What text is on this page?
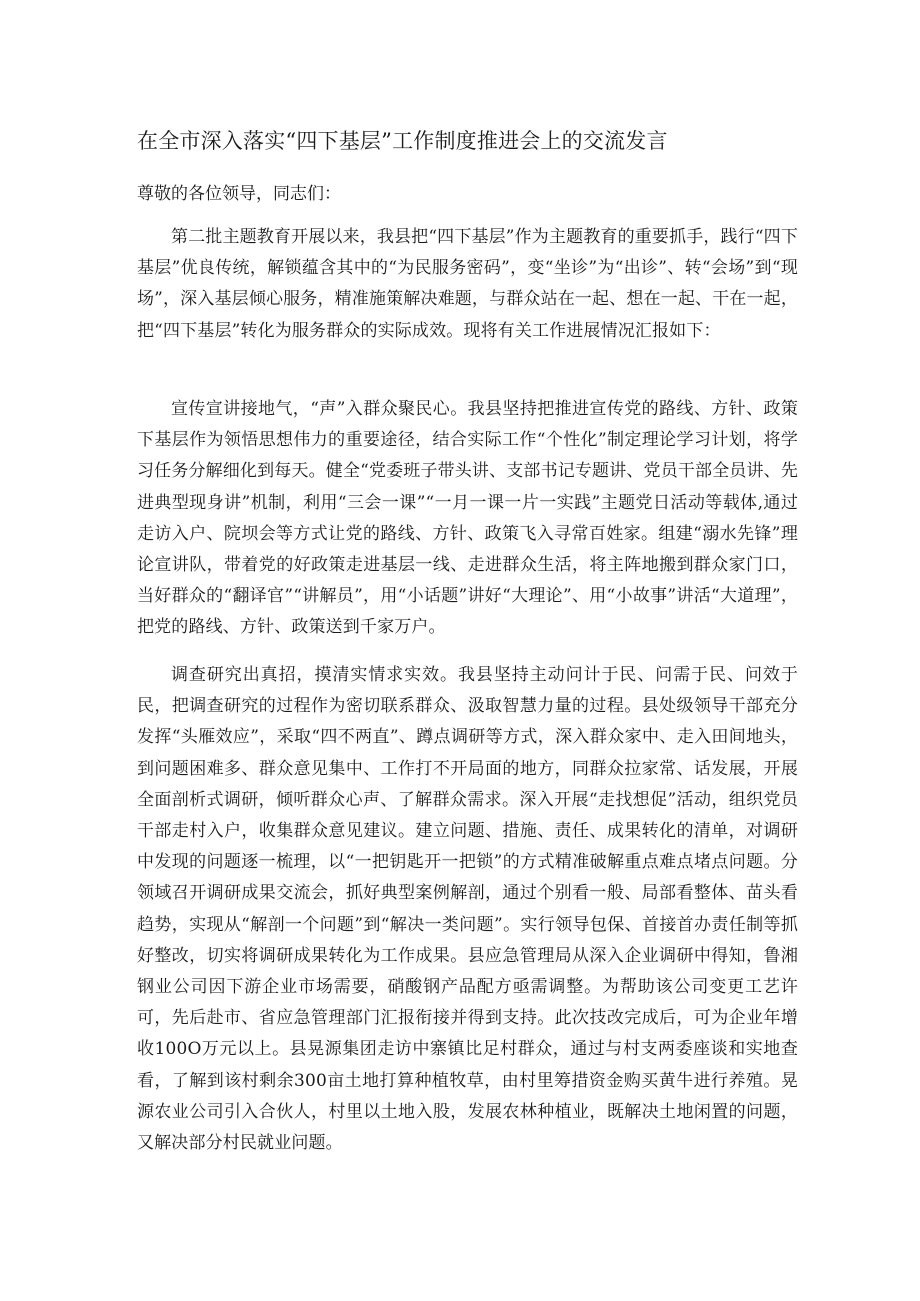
在全市深入落实“四下基层”工作制度推进会上的交流发言

尊敬的各位领导，同志们：

第二批主题教育开展以来，我县把“四下基层”作为主题教育的重要抓手，践行“四下基层”优良传统，解锁蕴含其中的“为民服务密码”，变“坐诊”为“出诊”、转“会场”到“现场”，深入基层倾心服务，精准施策解决难题，与群众站在一起、想在一起、干在一起，把“四下基层”转化为服务群众的实际成效。现将有关工作进展情况汇报如下：

宣传宣讲接地气，“声”入群众聚民心。我县坚持把推进宣传党的路线、方针、政策下基层作为领悟思想伟力的重要途径，结合实际工作“个性化”制定理论学习计划，将学习任务分解细化到每天。健全“党委班子带头讲、支部书记专题讲、党员干部全员讲、先进典型现身讲”机制，利用“三会一课”“一月一课一片一实践”主题党日活动等载体,通过走访入户、院坝会等方式让党的路线、方针、政策飞入寻常百姓家。组建“溺水先锋”理论宣讲队，带着党的好政策走进基层一线、走进群众生活，将主阵地搬到群众家门口，当好群众的“翻译官”“讲解员”，用“小话题”讲好“大理论”、用“小故事”讲活“大道理”，把党的路线、方针、政策送到千家万户。

调查研究出真招，摸清实情求实效。我县坚持主动问计于民、问需于民、问效于民，把调查研究的过程作为密切联系群众、汲取智慧力量的过程。县处级领导干部充分发挥“头雁效应”，采取“四不两直”、蹲点调研等方式，深入群众家中、走入田间地头，到问题困难多、群众意见集中、工作打不开局面的地方，同群众拉家常、话发展，开展全面剖析式调研，倾听群众心声、了解群众需求。深入开展“走找想促”活动，组织党员干部走村入户，收集群众意见建议。建立问题、措施、责任、成果转化的清单，对调研中发现的问题逐一梳理，以“一把钥匙开一把锁”的方式精准破解重点难点堵点问题。分领域召开调研成果交流会，抓好典型案例解剖，通过个别看一般、局部看整体、苗头看趋势，实现从“解剖一个问题”到“解决一类问题”。实行领导包保、首接首办责任制等抓好整改，切实将调研成果转化为工作成果。县应急管理局从深入企业调研中得知，鲁湘钢业公司因下游企业市场需要，硝酸钢产品配方亟需调整。为帮助该公司变更工艺许可，先后赴市、省应急管理部门汇报衔接并得到支持。此次技改完成后，可为企业年增收100O万元以上。县晃源集团走访中寨镇比足村群众，通过与村支两委座谈和实地查看，了解到该村剩余300亩土地打算种植牧草，由村里筹措资金购买黄牛进行养殖。晃源农业公司引入合伙人，村里以土地入股，发展农林种植业，既解决土地闲置的问题，又解决部分村民就业问题。
